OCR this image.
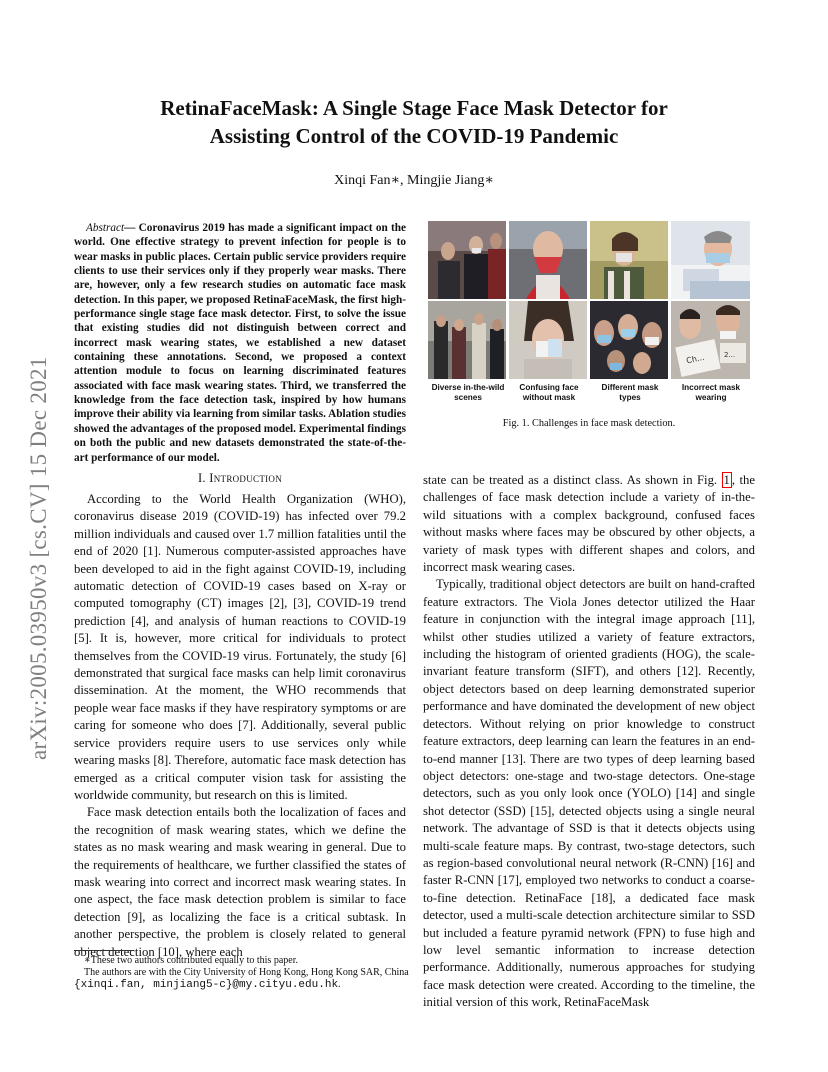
RetinaFaceMask: A Single Stage Face Mask Detector for
Assisting Control of the COVID-19 Pandemic
Xinqi Fan∗, Mingjie Jiang∗
arXiv:2005.03950v3 [cs.CV] 15 Dec 2021
Abstract— Coronavirus 2019 has made a significant impact on the world. One effective strategy to prevent infection for people is to wear masks in public places. Certain public service providers require clients to use their services only if they properly wear masks. There are, however, only a few research studies on automatic face mask detection. In this paper, we proposed RetinaFaceMask, the first high-performance single stage face mask detector. First, to solve the issue that existing studies did not distinguish between correct and incorrect mask wearing states, we established a new dataset containing these annotations. Second, we proposed a context attention module to focus on learning discriminated features associated with face mask wearing states. Third, we transferred the knowledge from the face detection task, inspired by how humans improve their ability via learning from similar tasks. Ablation studies showed the advantages of the proposed model. Experimental findings on both the public and new datasets demonstrated the state-of-the-art performance of our model.
Ch...	2...
Diverse in-the-wild scenes
Confusing face without mask
Different mask types
Incorrect mask wearing
Fig. 1. Challenges in face mask detection.
I. Introduction

According to the World Health Organization (WHO), coronavirus disease 2019 (COVID-19) has infected over 79.2 million individuals and caused over 1.7 million fatalities until the end of 2020 [1]. Numerous computer-assisted approaches have been developed to aid in the fight against COVID-19, including automatic detection of COVID-19 cases based on X-ray or computed tomography (CT) images [2], [3], COVID-19 trend prediction [4], and analysis of human reactions to COVID-19 [5]. It is, however, more critical for individuals to protect themselves from the COVID-19 virus. Fortunately, the study [6] demonstrated that surgical face masks can help limit coronavirus dissemination. At the moment, the WHO recommends that people wear face masks if they have respiratory symptoms or are caring for someone who does [7]. Additionally, several public service providers require users to use services only while wearing masks [8]. Therefore, automatic face mask detection has emerged as a critical computer vision task for assisting the worldwide community, but research on this is limited.

Face mask detection entails both the localization of faces and the recognition of mask wearing states, which we define the states as no mask wearing and mask wearing in general. Due to the requirements of healthcare, we further classified the states of mask wearing into correct and incorrect mask wearing states. In one aspect, the face mask detection problem is similar to face detection [9], as localizing the face is a critical subtask. In another perspective, the problem is closely related to general object detection [10], where each

state can be treated as a distinct class. As shown in Fig. 1 , the challenges of face mask detection include a variety of in-the-wild situations with a complex background, confused faces without masks where faces may be obscured by other objects, a variety of mask types with different shapes and colors, and incorrect mask wearing cases.

Typically, traditional object detectors are built on hand-crafted feature extractors. The Viola Jones detector utilized the Haar feature in conjunction with the integral image approach [11], whilst other studies utilized a variety of feature extractors, including the histogram of oriented gradients (HOG), the scale-invariant feature transform (SIFT), and others [12]. Recently, object detectors based on deep learning demonstrated superior performance and have dominated the development of new object detectors. Without relying on prior knowledge to construct feature extractors, deep learning can learn the features in an end-to-end manner [13]. There are two types of deep learning based object detectors: one-stage and two-stage detectors. One-stage detectors, such as you only look once (YOLO) [14] and single shot detector (SSD) [15], detected objects using a single neural network. The advantage of SSD is that it detects objects using multi-scale feature maps. By contrast, two-stage detectors, such as region-based convolutional neural network (R-CNN) [16] and faster R-CNN [17], employed two networks to conduct a coarse-to-fine detection. RetinaFace [18], a dedicated face mask detector, used a multi-scale detection architecture similar to SSD but included a feature pyramid network (FPN) to fuse high and low level semantic information to increase detection performance. Additionally, numerous approaches for studying face mask detection were created. According to the timeline, the initial version of this work, RetinaFaceMask

∗These two authors contributed equally to this paper.

The authors are with the City University of Hong Kong, Hong Kong SAR, China {xinqi.fan, minjiang5-c}@my.cityu.edu.hk.
